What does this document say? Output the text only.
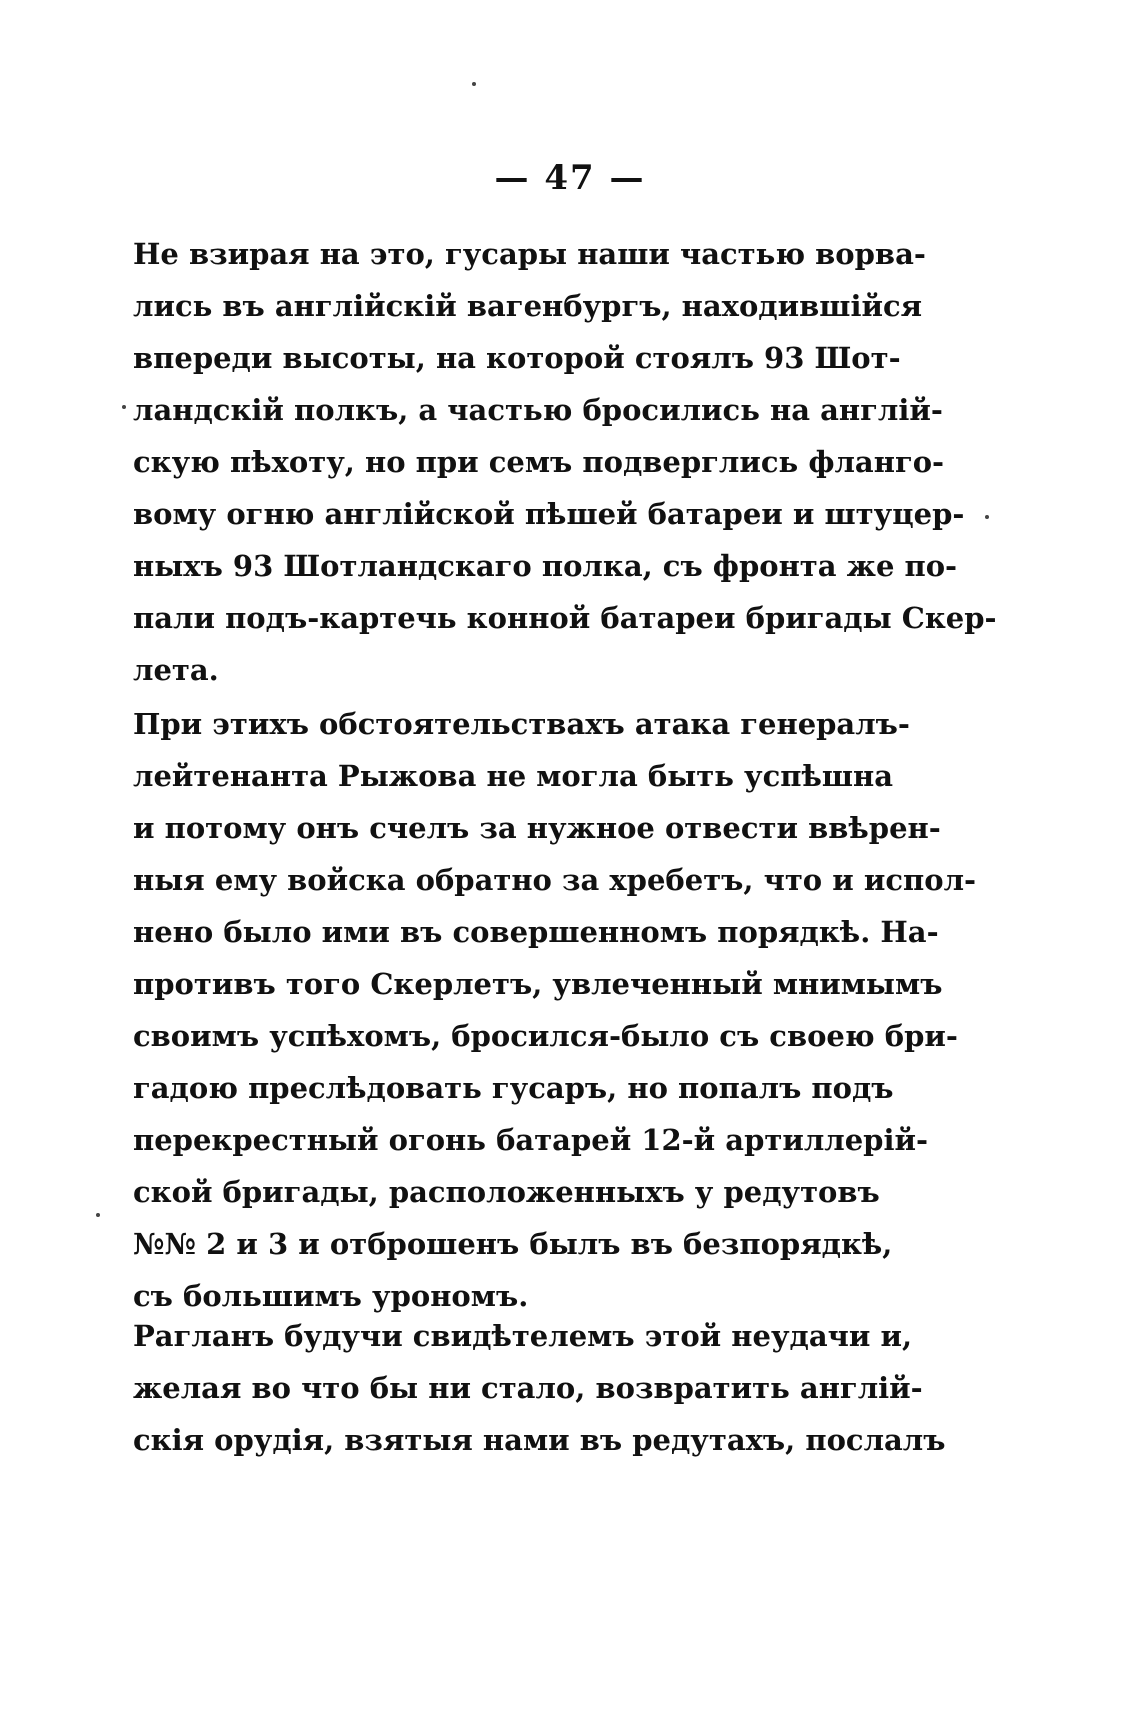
— 47 —
Не взирая на это, гусары наши частью ворва-
лись въ англійскій вагенбургъ, находившійся
впереди высоты, на которой стоялъ 93 Шот-
ландскій полкъ, а частью бросились на англій-
скую пѣхоту, но при семъ подверглись фланго-
вому огню англійской пѣшей батареи и штуцер-
ныхъ 93 Шотландскаго полка, съ фронта же по-
пали подъ-картечь конной батареи бригады Скер-
лета.
При этихъ обстоятельствахъ атака генералъ-
лейтенанта Рыжова не могла быть успѣшна
и потому онъ счелъ за нужное отвести ввѣрен-
ныя ему войска обратно за хребетъ, что и испол-
нено было ими въ совершенномъ порядкѣ. На-
противъ того Скерлетъ, увлеченный мнимымъ
своимъ успѣхомъ, бросился-было съ своею бри-
гадою преслѣдовать гусаръ, но попалъ подъ
перекрестный огонь батарей 12-й артиллерій-
ской бригады, расположенныхъ у редутовъ
№№ 2 и 3 и отброшенъ былъ въ безпорядкѣ,
съ большимъ урономъ.
Рагланъ будучи свидѣтелемъ этой неудачи и,
желая во что бы ни стало, возвратить англій-
скія орудія, взятыя нами въ редутахъ, послалъ
